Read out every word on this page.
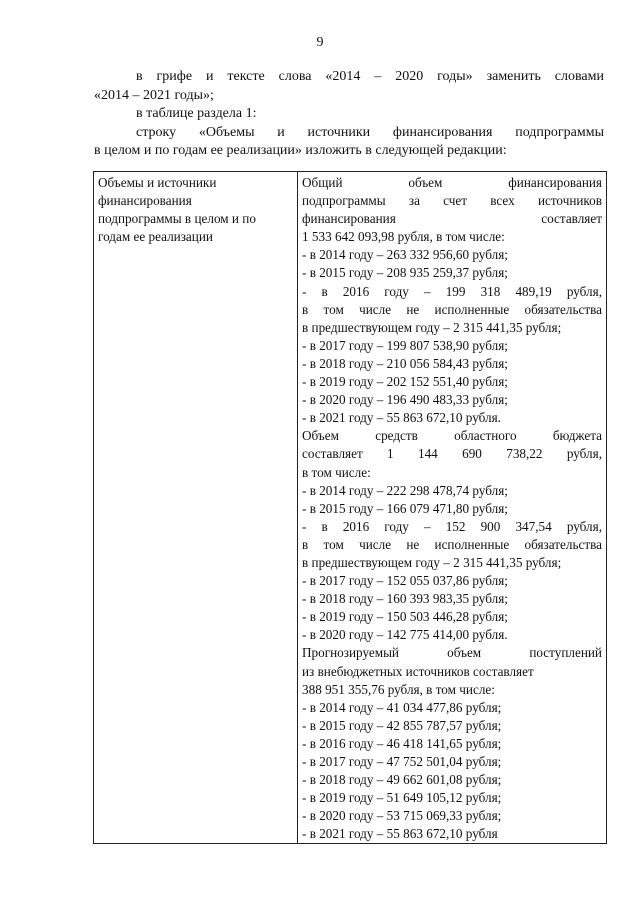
9

в грифе и тексте слова «2014 – 2020 годы» заменить словами

«2014 – 2021 годы»;

в таблице раздела 1:

строку «Объемы и источники финансирования подпрограммы

в целом и по годам ее реализации» изложить в следующей редакции:

Объемы и источники
финансирования
подпрограммы в целом и по
годам ее реализации

Общий объем финансирования
подпрограммы за счет всех источников
финансирования составляет
1 533 642 093,98 рубля, в том числе:
- в 2014 году – 263 332 956,60 рубля;
- в 2015 году – 208 935 259,37 рубля;
- в 2016 году – 199 318 489,19 рубля,
в том числе не исполненные обязательства
в предшествующем году – 2 315 441,35 рубля;
- в 2017 году – 199 807 538,90 рубля;
- в 2018 году – 210 056 584,43 рубля;
- в 2019 году – 202 152 551,40 рубля;
- в 2020 году – 196 490 483,33 рубля;
- в 2021 году – 55 863 672,10 рубля.
Объем средств областного бюджета
составляет 1 144 690 738,22 рубля,
в том числе:
- в 2014 году – 222 298 478,74 рубля;
- в 2015 году – 166 079 471,80 рубля;
- в 2016 году – 152 900 347,54 рубля,
в том числе не исполненные обязательства
в предшествующем году – 2 315 441,35 рубля;
- в 2017 году – 152 055 037,86 рубля;
- в 2018 году – 160 393 983,35 рубля;
- в 2019 году – 150 503 446,28 рубля;
- в 2020 году – 142 775 414,00 рубля.
Прогнозируемый объем поступлений
из внебюджетных источников составляет
388 951 355,76 рубля, в том числе:
- в 2014 году – 41 034 477,86 рубля;
- в 2015 году – 42 855 787,57 рубля;
- в 2016 году – 46 418 141,65 рубля;
- в 2017 году – 47 752 501,04 рубля;
- в 2018 году – 49 662 601,08 рубля;
- в 2019 году – 51 649 105,12 рубля;
- в 2020 году – 53 715 069,33 рубля;
- в 2021 году – 55 863 672,10 рубля
